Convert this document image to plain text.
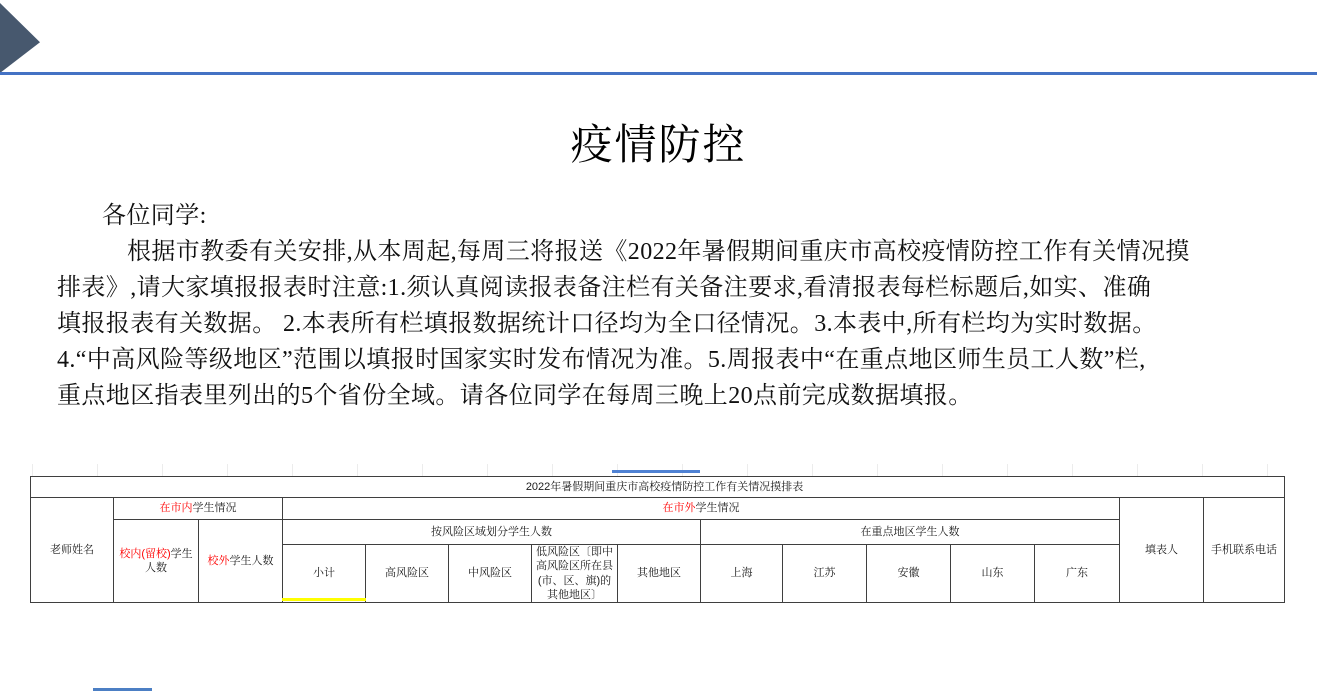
疫情防控
各位同学:
根据市教委有关安排,从本周起,每周三将报送《2022年暑假期间重庆市高校疫情防控工作有关情况摸
排表》,请大家填报报表时注意:1.须认真阅读报表备注栏有关备注要求,看清报表每栏标题后,如实、准确
填报报表有关数据。 2.本表所有栏填报数据统计口径均为全口径情况。3.本表中,所有栏均为实时数据。
4.“中高风险等级地区”范围以填报时国家实时发布情况为准。5.周报表中“在重点地区师生员工人数”栏,
重点地区指表里列出的5个省份全域。请各位同学在每周三晚上20点前完成数据填报。
2022年暑假期间重庆市高校疫情防控工作有关情况摸排表														
老师姓名	在市内学生情况		在市外学生情况										填表人	手机联系电话
	校内(留校)学生人数	校外学生人数	按风险区域划分学生人数					在重点地区学生人数						
			小计	高风险区	中风险区	低风险区〔即中高风险区所在县(市、区、旗)的其他地区〕	其他地区	上海	江苏	安徽	山东	广东		
